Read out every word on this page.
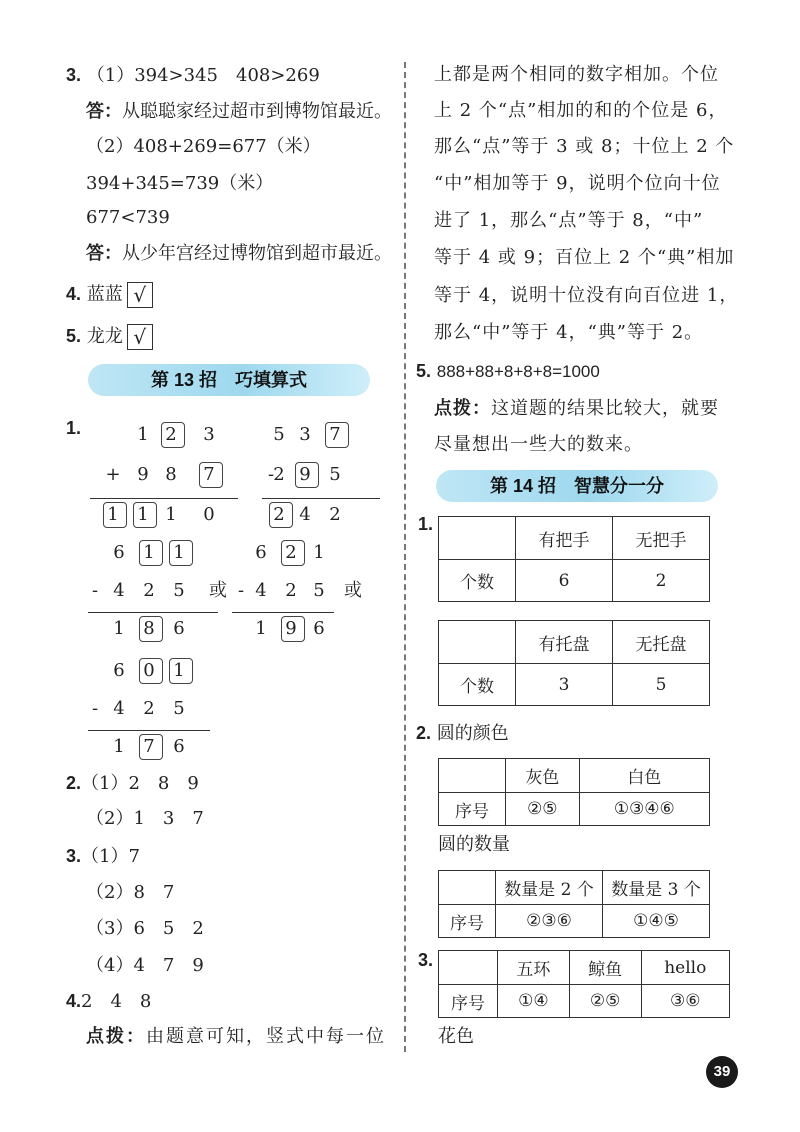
3. （1）394>345　408>269
答：从聪聪家经过超市到博物馆最近。
（2）408+269=677（米）
394+345=739（米）
677<739
答：从少年宫经过博物馆到超市最近。
4. 蓝蓝 √
5. 龙龙 √
第 13 招　巧填算式
1.	1 2	3
+ 9 8	7
1	1 1	0
5 3	7
- 2 9	5
2 4	2
6	1	1
- 4	2	5
1	8	6
6	2 1
- 4	2 5
1	9 6
6	0	1
- 4	2	5
1	7	6
或	或
2.（1）2　8　9
（2）1　3　7
3.（1）7
（2）8　7
（3）6　5　2
（4）4　7　9
4.2　4　8
点拨：由题意可知，竖式中每一位
上都是两个相同的数字相加。个位
上 2 个“点”相加的和的个位是 6，
那么“点”等于 3 或 8；十位上 2 个
“中”相加等于 9，说明个位向十位
进了 1，那么“点”等于 8，“中”
等于 4 或 9；百位上 2 个“典”相加
等于 4，说明十位没有向百位进 1，
那么“中”等于 4，“典”等于 2。
5. 888+88+8+8+8=1000
点拨：这道题的结果比较大，就要
尽量想出一些大的数来。
第 14 招　智慧分一分
1.
	有把手	无把手
个数	6	2
	有托盘	无托盘
个数	3	5
2. 圆的颜色
	灰色	白色
序号	②⑤	①③④⑥
圆的数量
	数量是 2 个	数量是 3 个
序号	②③⑥	①④⑤
3.
		五环	鲸鱼	hello
序号	①④	②⑤	③⑥
花色
39
